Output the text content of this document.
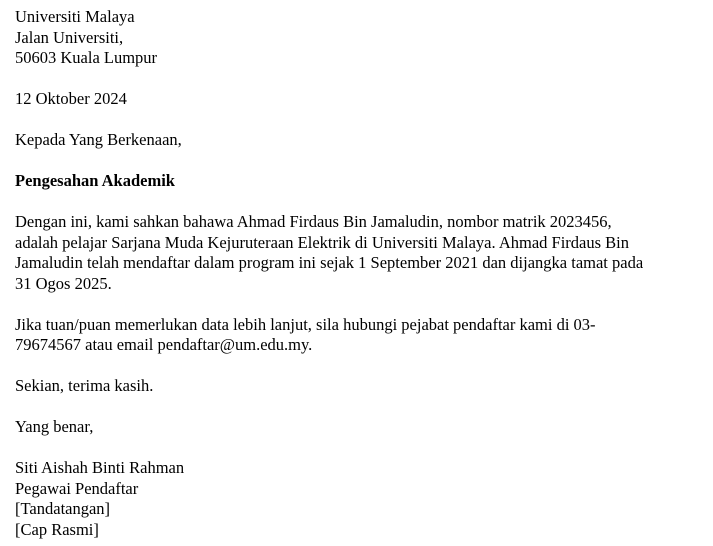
Universiti Malaya

Jalan Universiti,

50603 Kuala Lumpur

12 Oktober 2024

Kepada Yang Berkenaan,

Pengesahan Akademik

Dengan ini, kami sahkan bahawa Ahmad Firdaus Bin Jamaludin, nombor matrik 2023456,

adalah pelajar Sarjana Muda Kejuruteraan Elektrik di Universiti Malaya. Ahmad Firdaus Bin

Jamaludin telah mendaftar dalam program ini sejak 1 September 2021 dan dijangka tamat pada

31 Ogos 2025.

Jika tuan/puan memerlukan data lebih lanjut, sila hubungi pejabat pendaftar kami di 03-

79674567 atau email pendaftar@um.edu.my.

Sekian, terima kasih.

Yang benar,

Siti Aishah Binti Rahman

Pegawai Pendaftar

[Tandatangan]

[Cap Rasmi]
